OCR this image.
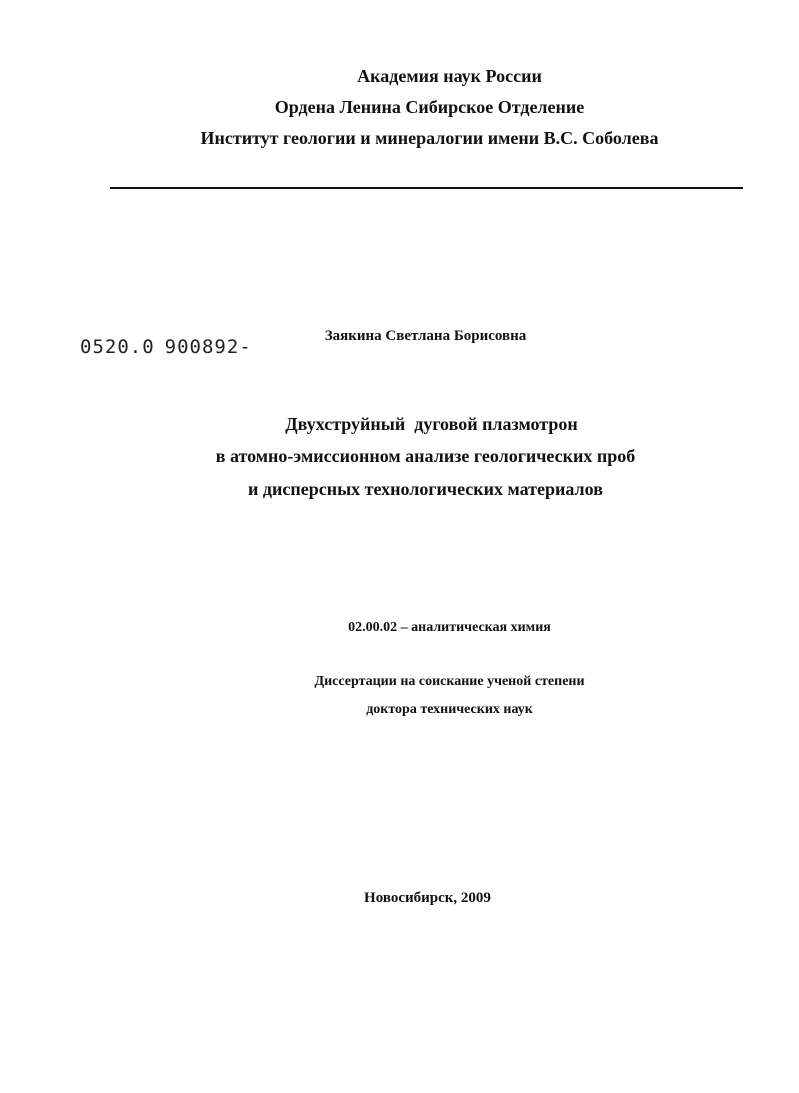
Академия наук России
Ордена Ленина Сибирское Отделение
Институт геологии и минералогии имени В.С. Соболева
0520.0 900892-	Заякина Светлана Борисовна
Двухструйный  дуговой плазмотрон
в атомно-эмиссионном анализе геологических проб
и дисперсных технологических материалов
02.00.02 – аналитическая химия
Диссертации на соискание ученой степени
доктора технических наук
Новосибирск, 2009
